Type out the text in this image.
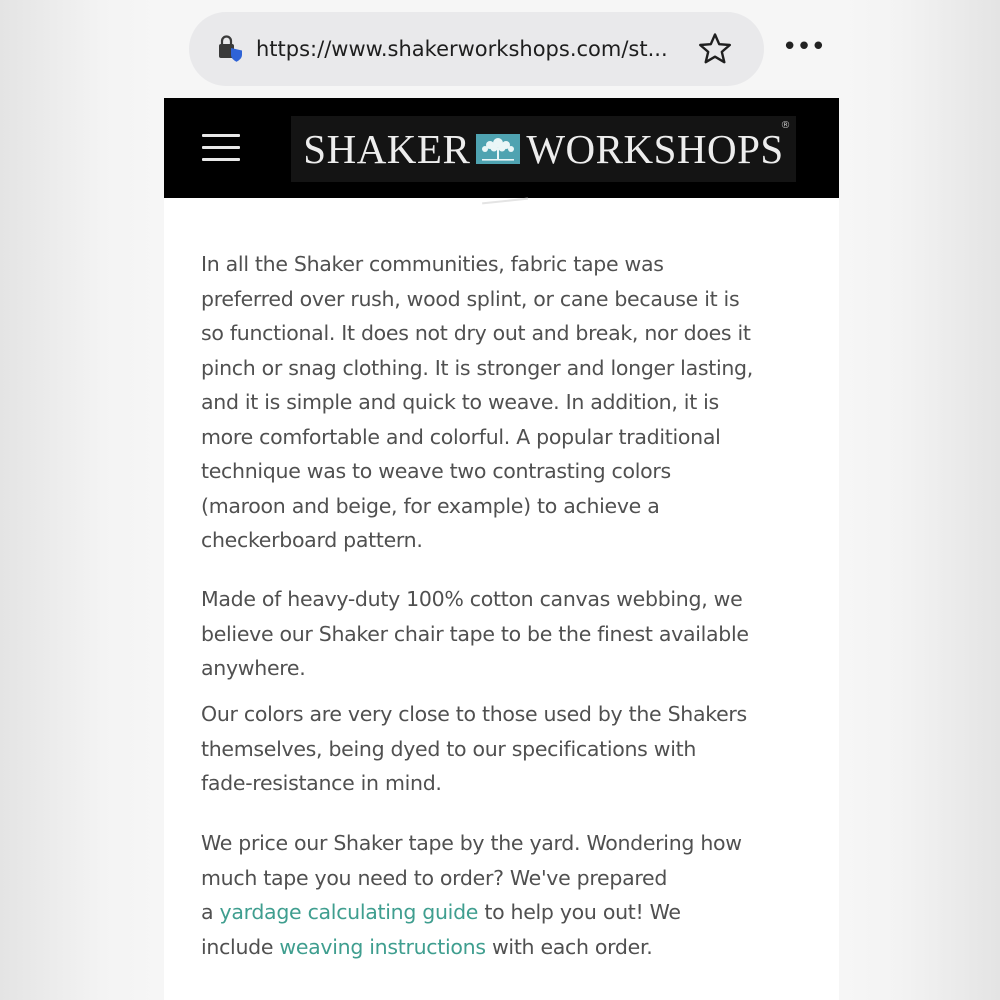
https://www.shakerworkshops.com/st...	•••
SHAKER WORKSHOPS
®

In all the Shaker communities, fabric tape was
preferred over rush, wood splint, or cane because it is
so functional. It does not dry out and break, nor does it
pinch or snag clothing. It is stronger and longer lasting,
and it is simple and quick to weave. In addition, it is
more comfortable and colorful. A popular traditional
technique was to weave two contrasting colors
(maroon and beige, for example) to achieve a
checkerboard pattern.

Made of heavy-duty 100% cotton canvas webbing, we
believe our Shaker chair tape to be the finest available
anywhere.

Our colors are very close to those used by the Shakers
themselves, being dyed to our specifications with
fade-resistance in mind.

We price our Shaker tape by the yard. Wondering how
much tape you need to order? We've prepared
a yardage calculating guide to help you out! We
include weaving instructions with each order.
